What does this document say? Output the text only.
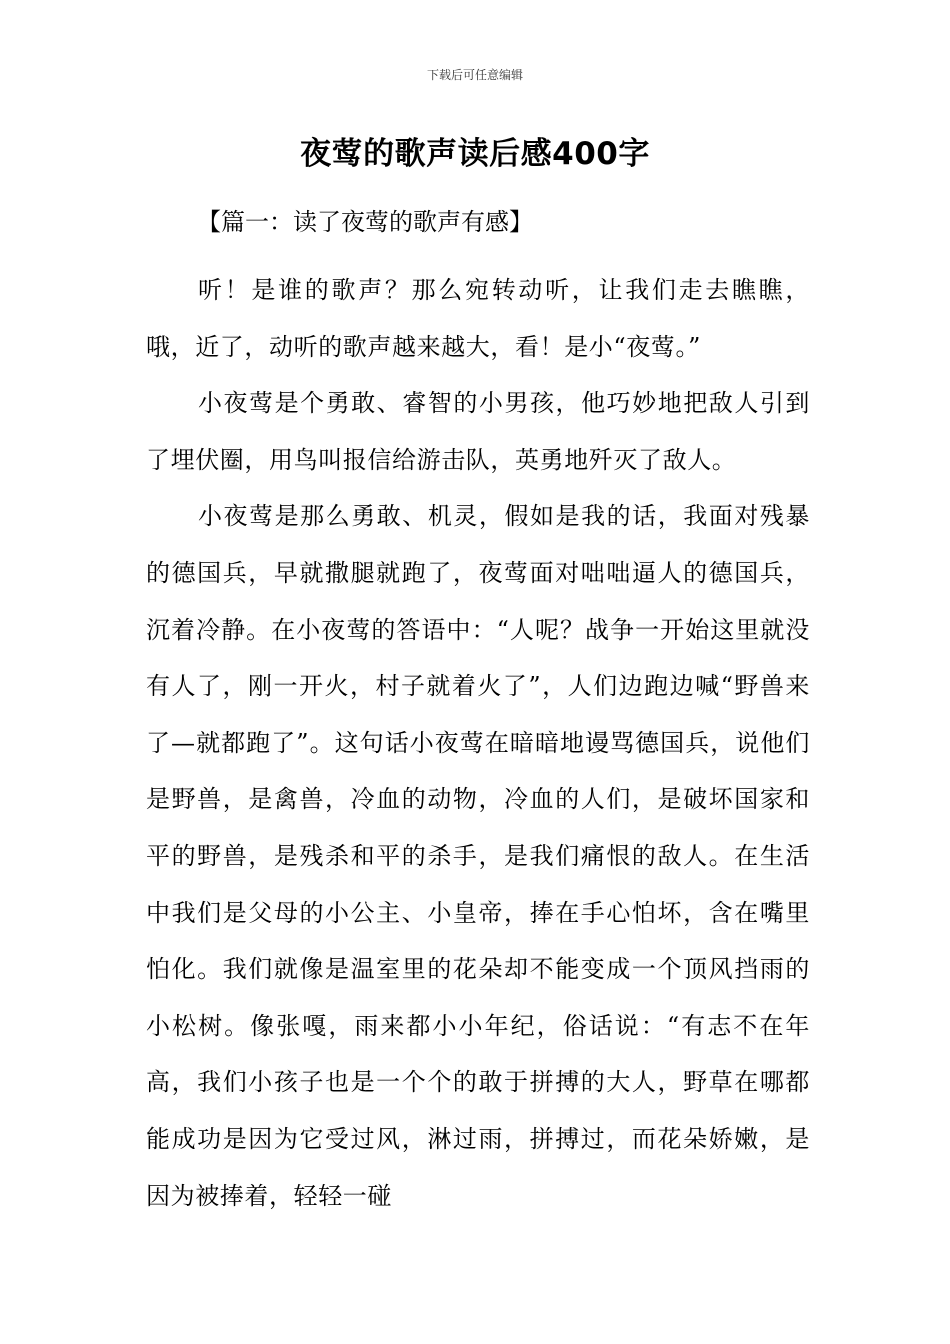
下载后可任意编辑
夜莺的歌声读后感400字
【篇一：读了夜莺的歌声有感】

听！是谁的歌声？那么宛转动听，让我们走去瞧瞧，哦，近了，动听的歌声越来越大，看！是小“夜莺。”

小夜莺是个勇敢、睿智的小男孩，他巧妙地把敌人引到了埋伏圈，用鸟叫报信给游击队，英勇地歼灭了敌人。

小夜莺是那么勇敢、机灵，假如是我的话，我面对残暴的德国兵，早就撒腿就跑了，夜莺面对咄咄逼人的德国兵，沉着冷静。在小夜莺的答语中：“人呢？战争一开始这里就没有人了，刚一开火，村子就着火了”，人们边跑边喊“野兽来了—就都跑了”。这句话小夜莺在暗暗地谩骂德国兵，说他们是野兽，是禽兽，冷血的动物，冷血的人们，是破坏国家和平的野兽，是残杀和平的杀手，是我们痛恨的敌人。在生活中我们是父母的小公主、小皇帝，捧在手心怕坏，含在嘴里怕化。我们就像是温室里的花朵却不能变成一个顶风挡雨的小松树。像张嘎，雨来都小小年纪，俗话说：“有志不在年高，我们小孩子也是一个个的敢于拼搏的大人，野草在哪都能成功是因为它受过风，淋过雨，拼搏过，而花朵娇嫩，是因为被捧着，轻轻一碰
